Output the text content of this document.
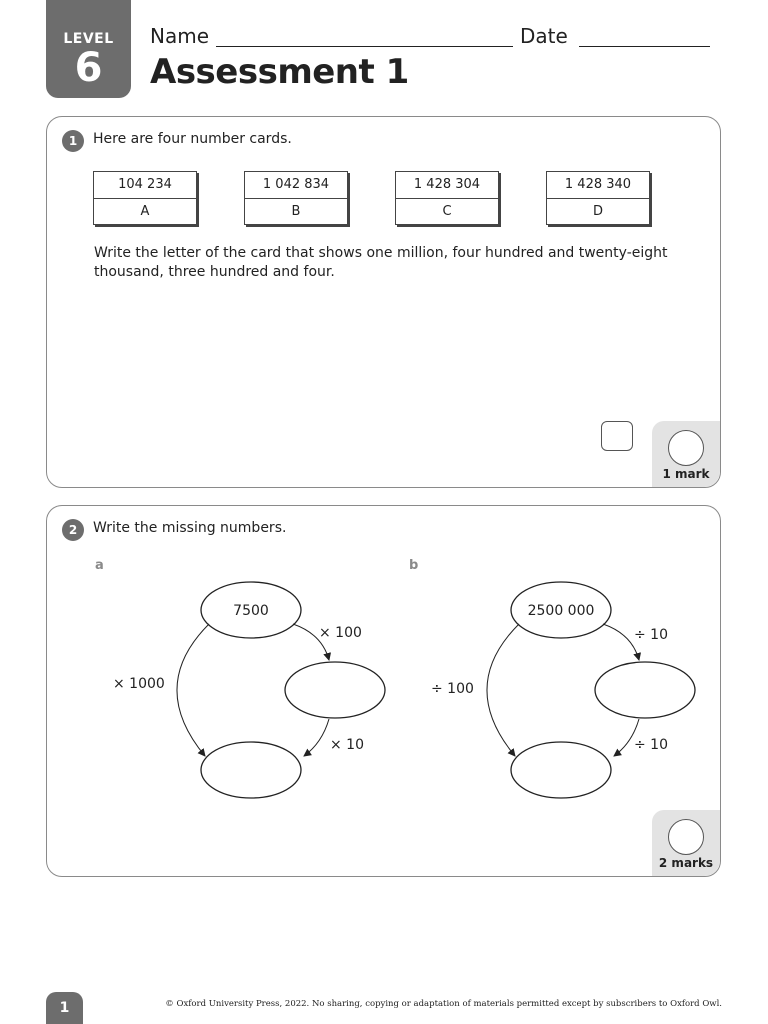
LEVEL
6
Name	Date
Assessment 1
1	Here are four number cards.
104 234
A
1 042 834
B
1 428 304
C
1 428 340
D
Write the letter of the card that shows one million, four hundred and twenty-eight
thousand, three hundred and four.
1 mark
2	Write the missing numbers.
a	b
7500
× 100
× 10
× 1000
2500 000
÷ 10
÷ 10
÷ 100
2 marks
1	© Oxford University Press, 2022. No sharing, copying or adaptation of materials permitted except by subscribers to Oxford Owl.
